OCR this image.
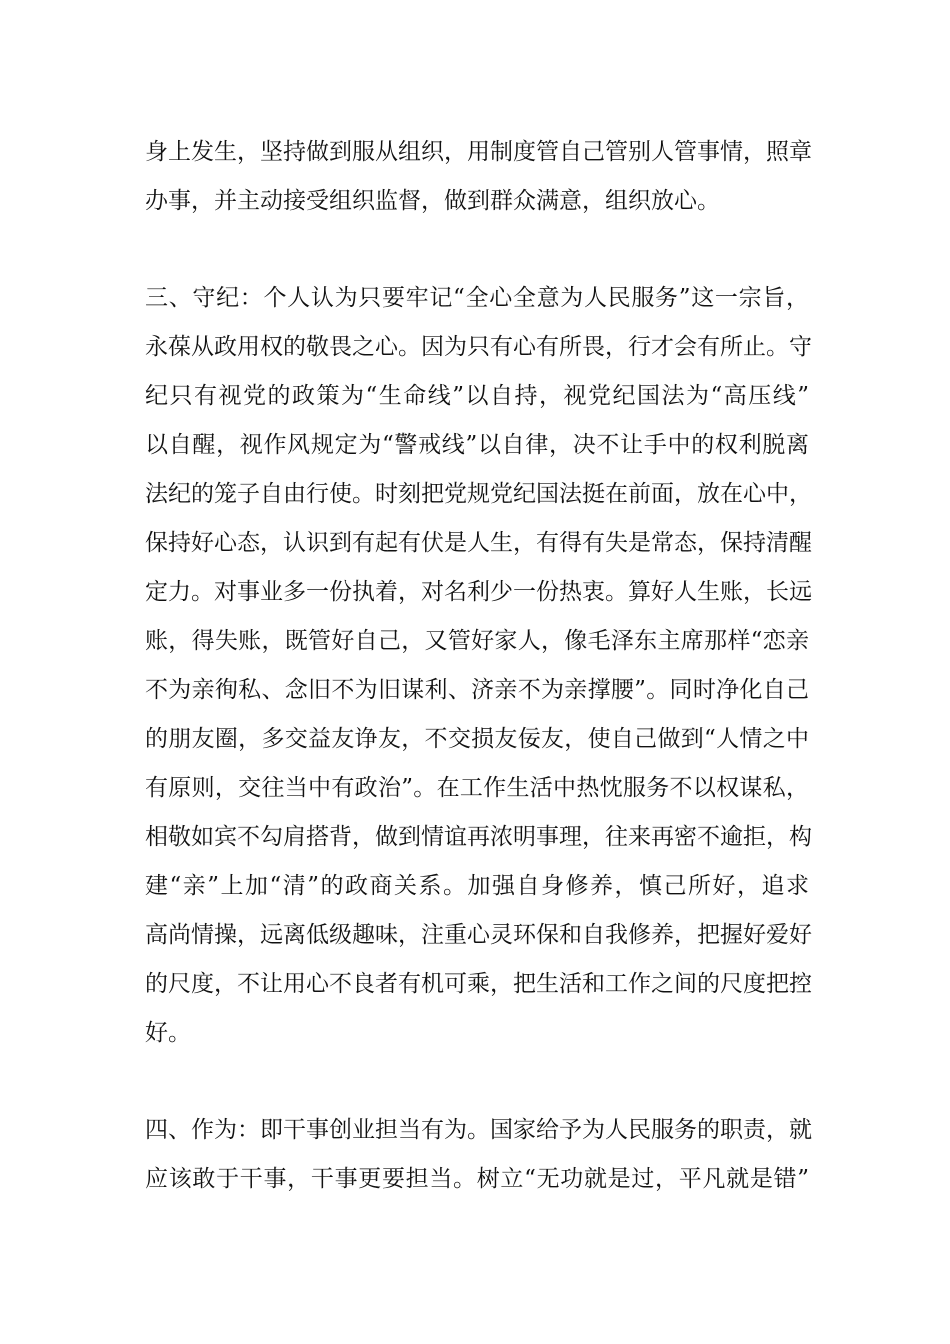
身上发生，坚持做到服从组织，用制度管自己管别人管事情，照章
办事，并主动接受组织监督，做到群众满意，组织放心。
三、守纪：个人认为只要牢记“全心全意为人民服务”这一宗旨，
永葆从政用权的敬畏之心。因为只有心有所畏，行才会有所止。守
纪只有视党的政策为“生命线”以自持，视党纪国法为“高压线”
以自醒，视作风规定为“警戒线”以自律，决不让手中的权利脱离
法纪的笼子自由行使。时刻把党规党纪国法挺在前面，放在心中，
保持好心态，认识到有起有伏是人生，有得有失是常态，保持清醒
定力。对事业多一份执着，对名利少一份热衷。算好人生账，长远
账，得失账，既管好自己，又管好家人，像毛泽东主席那样“恋亲
不为亲徇私、念旧不为旧谋利、济亲不为亲撑腰”。同时净化自己
的朋友圈，多交益友诤友，不交损友佞友，使自己做到“人情之中
有原则，交往当中有政治”。在工作生活中热忱服务不以权谋私，
相敬如宾不勾肩搭背，做到情谊再浓明事理，往来再密不逾拒，构
建“亲”上加“清”的政商关系。加强自身修养，慎己所好，追求
高尚情操，远离低级趣味，注重心灵环保和自我修养，把握好爱好
的尺度，不让用心不良者有机可乘，把生活和工作之间的尺度把控
好。
四、作为：即干事创业担当有为。国家给予为人民服务的职责，就
应该敢于干事，干事更要担当。树立“无功就是过，平凡就是错”
